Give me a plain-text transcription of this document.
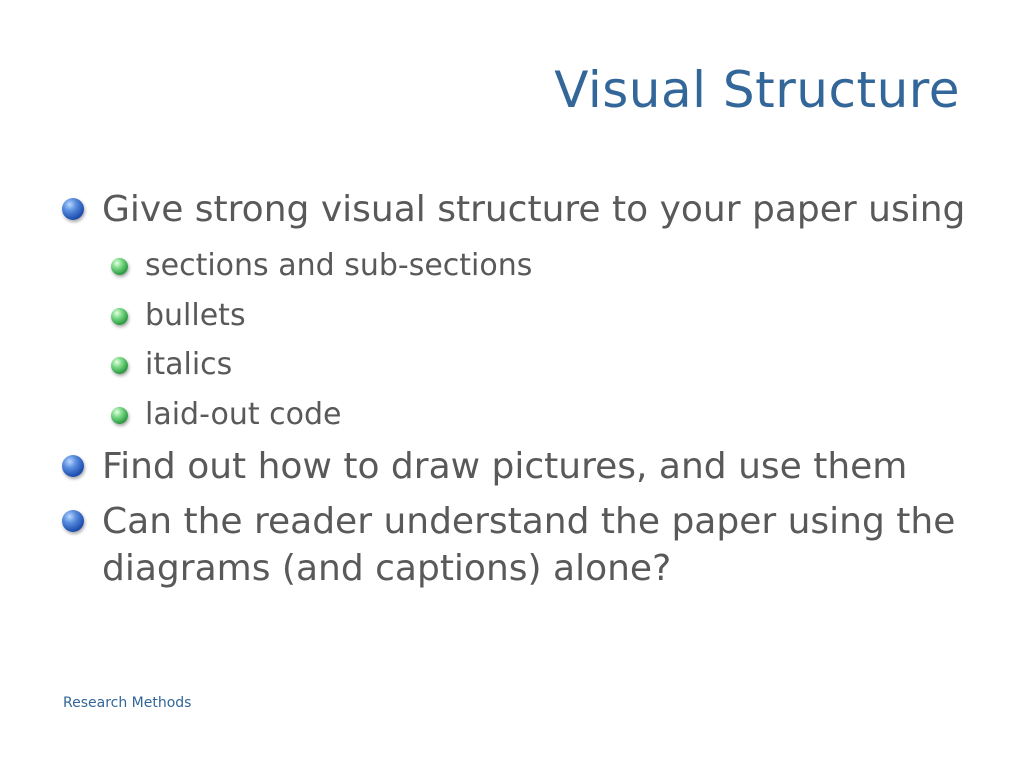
Visual Structure
Give strong visual structure to your paper using
sections and sub-sections
bullets
italics
laid-out code
Find out how to draw pictures, and use them
Can the reader understand the paper using the diagrams (and captions) alone?
Research Methods
